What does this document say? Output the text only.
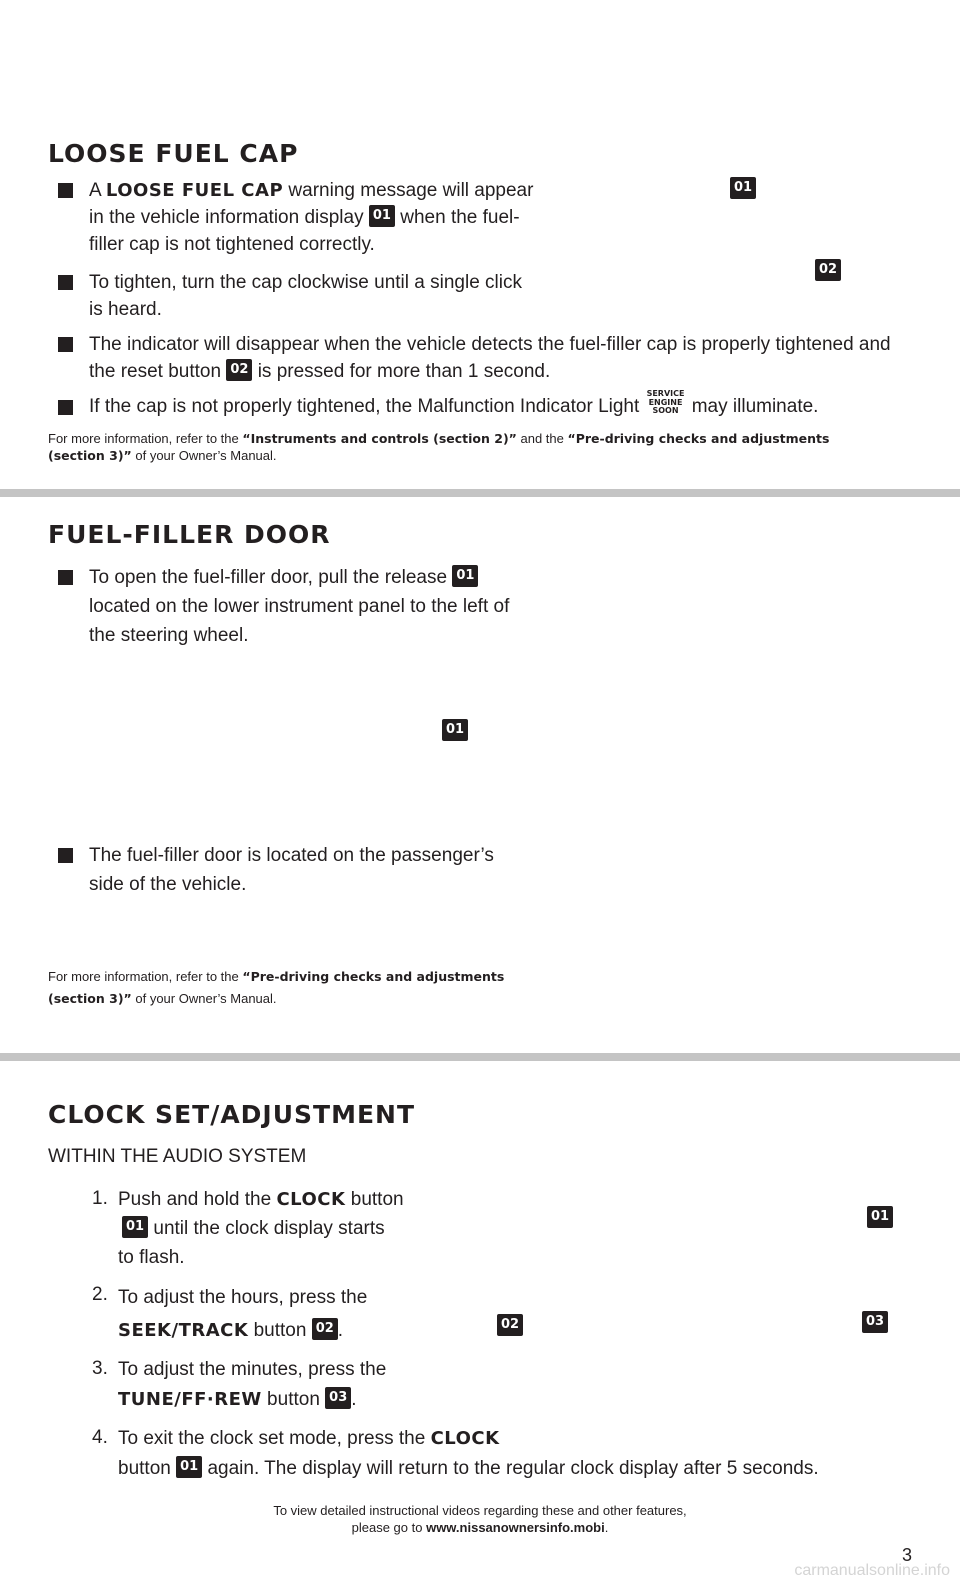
LOOSE FUEL CAP
A LOOSE FUEL CAP warning message will appear
in the vehicle information display 01 when the fuel-
filler cap is not tightened correctly.
To tighten, turn the cap clockwise until a single click
is heard.
01
02
The indicator will disappear when the vehicle detects the fuel-filler cap is properly tightened and
the reset button 02 is pressed for more than 1 second.
If the cap is not properly tightened, the Malfunction Indicator Light SERVICE
ENGINE
SOON may illuminate.
For more information, refer to the “Instruments and controls (section 2)” and the “Pre-driving checks and adjustments
(section 3)” of your Owner’s Manual.
FUEL-FILLER DOOR
To open the fuel-filler door, pull the release 01
located on the lower instrument panel to the left of
the steering wheel.
01
The fuel-filler door is located on the passenger’s
side of the vehicle.
For more information, refer to the “Pre-driving checks and adjustments
(section 3)” of your Owner’s Manual.
CLOCK SET/ADJUSTMENT
WITHIN THE AUDIO SYSTEM
1. Push and hold the CLOCK button
01 until the clock display starts
to flash.
2. To adjust the hours, press the
SEEK/TRACK button 02 .
3. To adjust the minutes, press the
TUNE/FF·REW button 03 .
4. To exit the clock set mode, press the CLOCK
button 01 again. The display will return to the regular clock display after 5 seconds.
01
02	03
To view detailed instructional videos regarding these and other features,
please go to www.nissanownersinfo.mobi.
3
carmanualsonline.info
